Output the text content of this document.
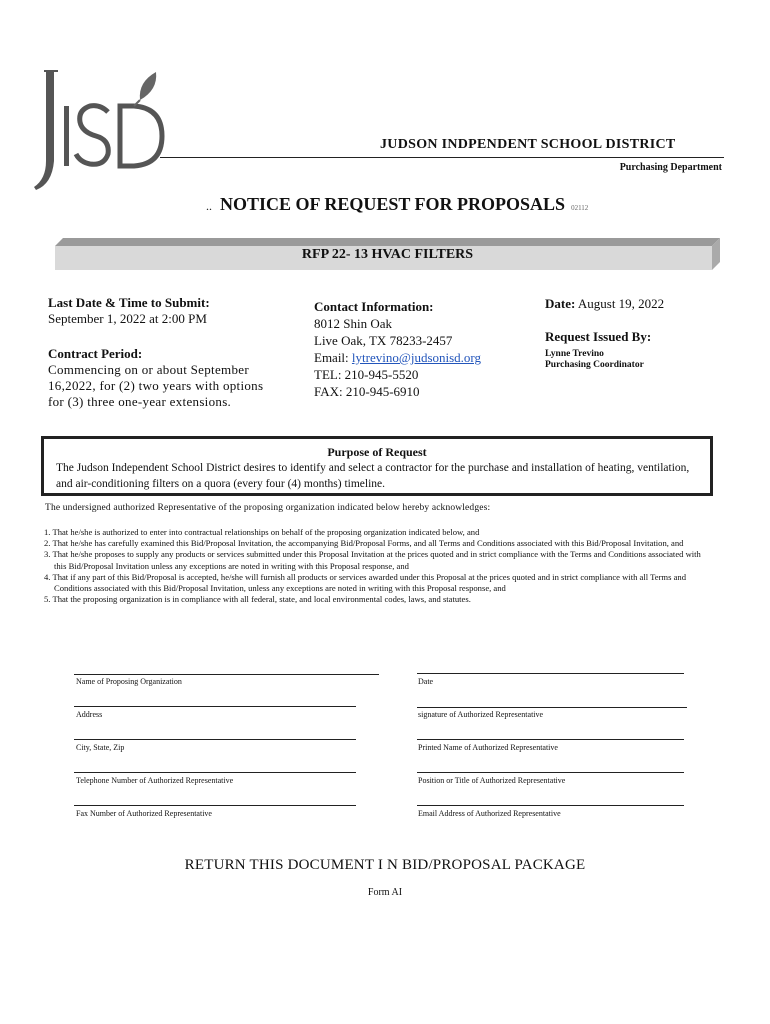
JUDSON INDPENDENT SCHOOL DISTRICT
Purchasing Department
.. NOTICE OF REQUEST FOR PROPOSALS 02112
RFP 22- 13 HVAC FILTERS
Last Date & Time to Submit:
September 1, 2022 at 2:00 PM
Contract Period:
Commencing on or about September 16,2022, for (2) two years with options for (3) three one-year extensions.
Contact Information:
8012 Shin Oak
Live Oak, TX 78233-2457
Email: lytrevino@judsonisd.org
TEL: 210-945-5520
FAX: 210-945-6910
Date: August 19, 2022
Request Issued By:
Lynne Trevino
Purchasing Coordinator
Purpose of Request
The Judson Independent School District desires to identify and select a contractor for the purchase and installation of heating, ventilation, and air-conditioning filters on a quora (every four (4) months) timeline.
The undersigned authorized Representative of the proposing organization indicated below hereby acknowledges:
1. That he/she is authorized to enter into contractual relationships on behalf of the proposing organization indicated below, and
2. That he/she has carefully examined this Bid/Proposal Invitation, the accompanying Bid/Proposal Forms, and all Terms and Conditions associated with this Bid/Proposal Invitation, and
3. That he/she proposes to supply any products or services submitted under this Proposal Invitation at the prices quoted and in strict compliance with the Terms and Conditions associated with this Bid/Proposal Invitation unless any exceptions are noted in writing with this Proposal response, and
4. That if any part of this Bid/Proposal is accepted, he/she will furnish all products or services awarded under this Proposal at the prices quoted and in strict compliance with all Terms and Conditions associated with this Bid/Proposal Invitation, unless any exceptions are noted in writing with this Proposal response, and
5. That the proposing organization is in compliance with all federal, state, and local environmental codes, laws, and statutes.
Name of Proposing Organization
Address
City, State, Zip
Telephone Number of Authorized Representative
Fax Number of Authorized Representative
Date
signature of Authorized Representative
Printed Name of Authorized Representative
Position or Title of Authorized Representative
Email Address of Authorized Representative
RETURN THIS DOCUMENT I N BID/PROPOSAL PACKAGE
Form AI
